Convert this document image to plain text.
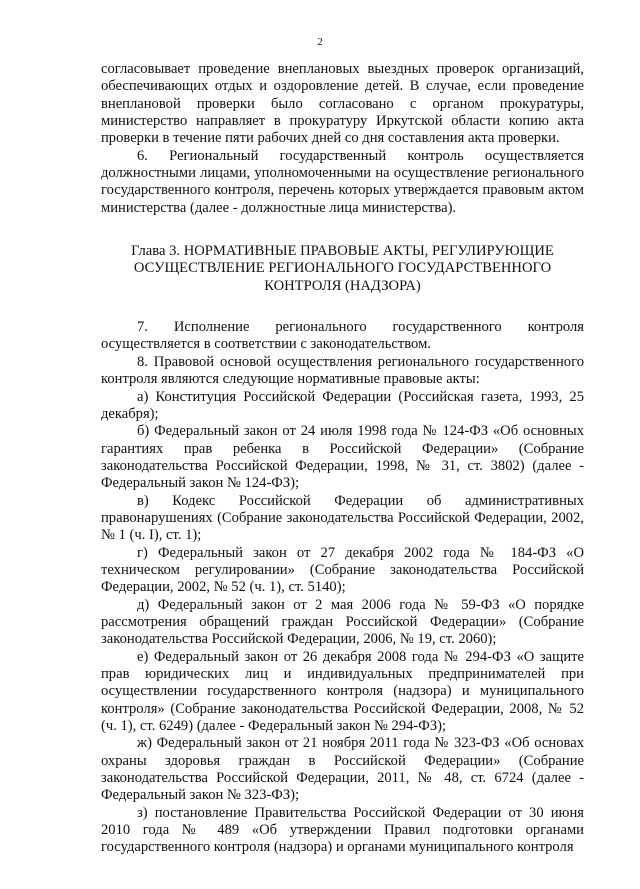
2

согласовывает проведение внеплановых выездных проверок организаций, обеспечивающих отдых и оздоровление детей. В случае, если проведение внеплановой проверки было согласовано с органом прокуратуры, министерство направляет в прокуратуру Иркутской области копию акта проверки в течение пяти рабочих дней со дня составления акта проверки.

6. Региональный государственный контроль осуществляется должностными лицами, уполномоченными на осуществление регионального государственного контроля, перечень которых утверждается правовым актом министерства (далее - должностные лица министерства).

Глава 3. НОРМАТИВНЫЕ ПРАВОВЫЕ АКТЫ, РЕГУЛИРУЮЩИЕ
ОСУЩЕСТВЛЕНИЕ РЕГИОНАЛЬНОГО ГОСУДАРСТВЕННОГО
КОНТРОЛЯ (НАДЗОРА)

7. Исполнение регионального государственного контроля осуществляется в соответствии с законодательством.

8. Правовой основой осуществления регионального государственного контроля являются следующие нормативные правовые акты:

а) Конституция Российской Федерации (Российская газета, 1993, 25 декабря);

б) Федеральный закон от 24 июля 1998 года № 124-ФЗ «Об основных гарантиях прав ребенка в Российской Федерации» (Собрание законодательства Российской Федерации, 1998, № 31, ст. 3802) (далее - Федеральный закон № 124-ФЗ);

в) Кодекс Российской Федерации об административных правонарушениях (Собрание законодательства Российской Федерации, 2002, № 1 (ч. I), ст. 1);

г) Федеральный закон от 27 декабря 2002 года № 184-ФЗ «О техническом регулировании» (Собрание законодательства Российской Федерации, 2002, № 52 (ч. 1), ст. 5140);

д) Федеральный закон от 2 мая 2006 года № 59-ФЗ «О порядке рассмотрения обращений граждан Российской Федерации» (Собрание законодательства Российской Федерации, 2006, № 19, ст. 2060);

е) Федеральный закон от 26 декабря 2008 года № 294-ФЗ «О защите прав юридических лиц и индивидуальных предпринимателей при осуществлении государственного контроля (надзора) и муниципального контроля» (Собрание законодательства Российской Федерации, 2008, № 52 (ч. 1), ст. 6249) (далее - Федеральный закон № 294-ФЗ);

ж) Федеральный закон от 21 ноября 2011 года № 323-ФЗ «Об основах охраны здоровья граждан в Российской Федерации» (Собрание законодательства Российской Федерации, 2011, № 48, ст. 6724 (далее - Федеральный закон № 323-ФЗ);

з) постановление Правительства Российской Федерации от 30 июня 2010 года № 489 «Об утверждении Правил подготовки органами государственного контроля (надзора) и органами муниципального контроля
